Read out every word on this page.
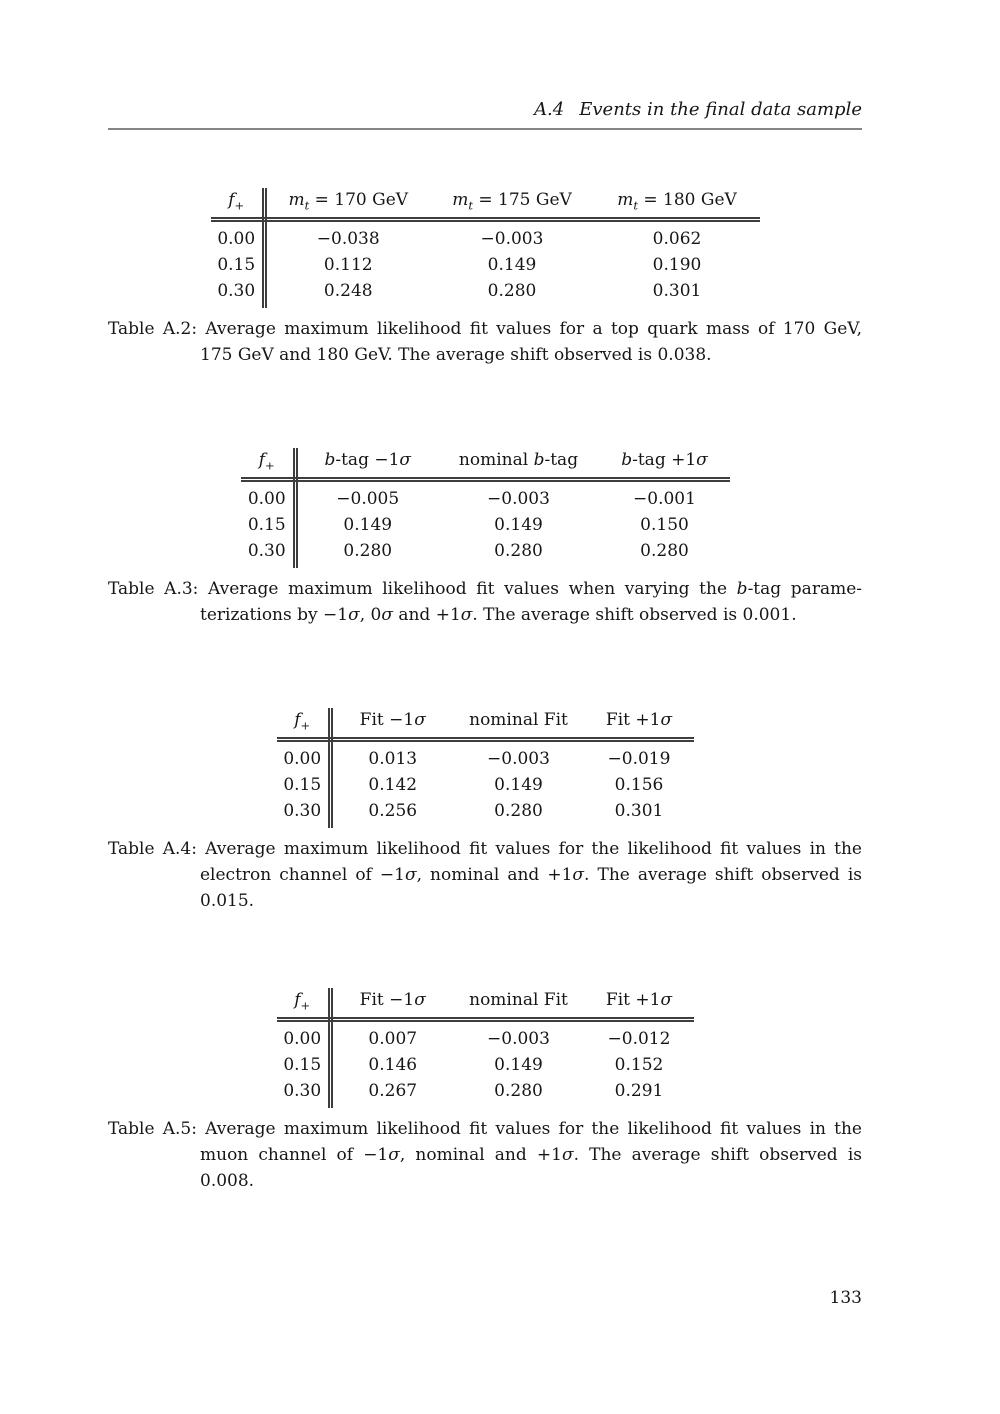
A.4 Events in the final data sample
$f_+$	$m_t = 170$ GeV	$m_t = 175$ GeV	$m_t = 180$ GeV
0.00	−0.038	−0.003	0.062
0.15	0.112	0.149	0.190
0.30	0.248	0.280	0.301
Table A.2: Average maximum likelihood fit values for a top quark mass of 170 GeV,
175 GeV and 180 GeV. The average shift observed is 0.038.
$f_+$	b-tag −1σ	nominal b-tag	b-tag +1σ
0.00	−0.005	−0.003	−0.001
0.15	0.149	0.149	0.150
0.30	0.280	0.280	0.280
Table A.3: Average maximum likelihood fit values when varying the b-tag parame-
terizations by −1σ, 0σ and +1σ. The average shift observed is 0.001.
$f_+$	Fit −1σ	nominal Fit	Fit +1σ
0.00	0.013	−0.003	−0.019
0.15	0.142	0.149	0.156
0.30	0.256	0.280	0.301
Table A.4: Average maximum likelihood fit values for the likelihood fit values in the
electron channel of −1σ, nominal and +1σ. The average shift observed is
0.015.
$f_+$	Fit −1σ	nominal Fit	Fit +1σ
0.00	0.007	−0.003	−0.012
0.15	0.146	0.149	0.152
0.30	0.267	0.280	0.291
Table A.5: Average maximum likelihood fit values for the likelihood fit values in the
muon channel of −1σ, nominal and +1σ. The average shift observed is
0.008.
133
